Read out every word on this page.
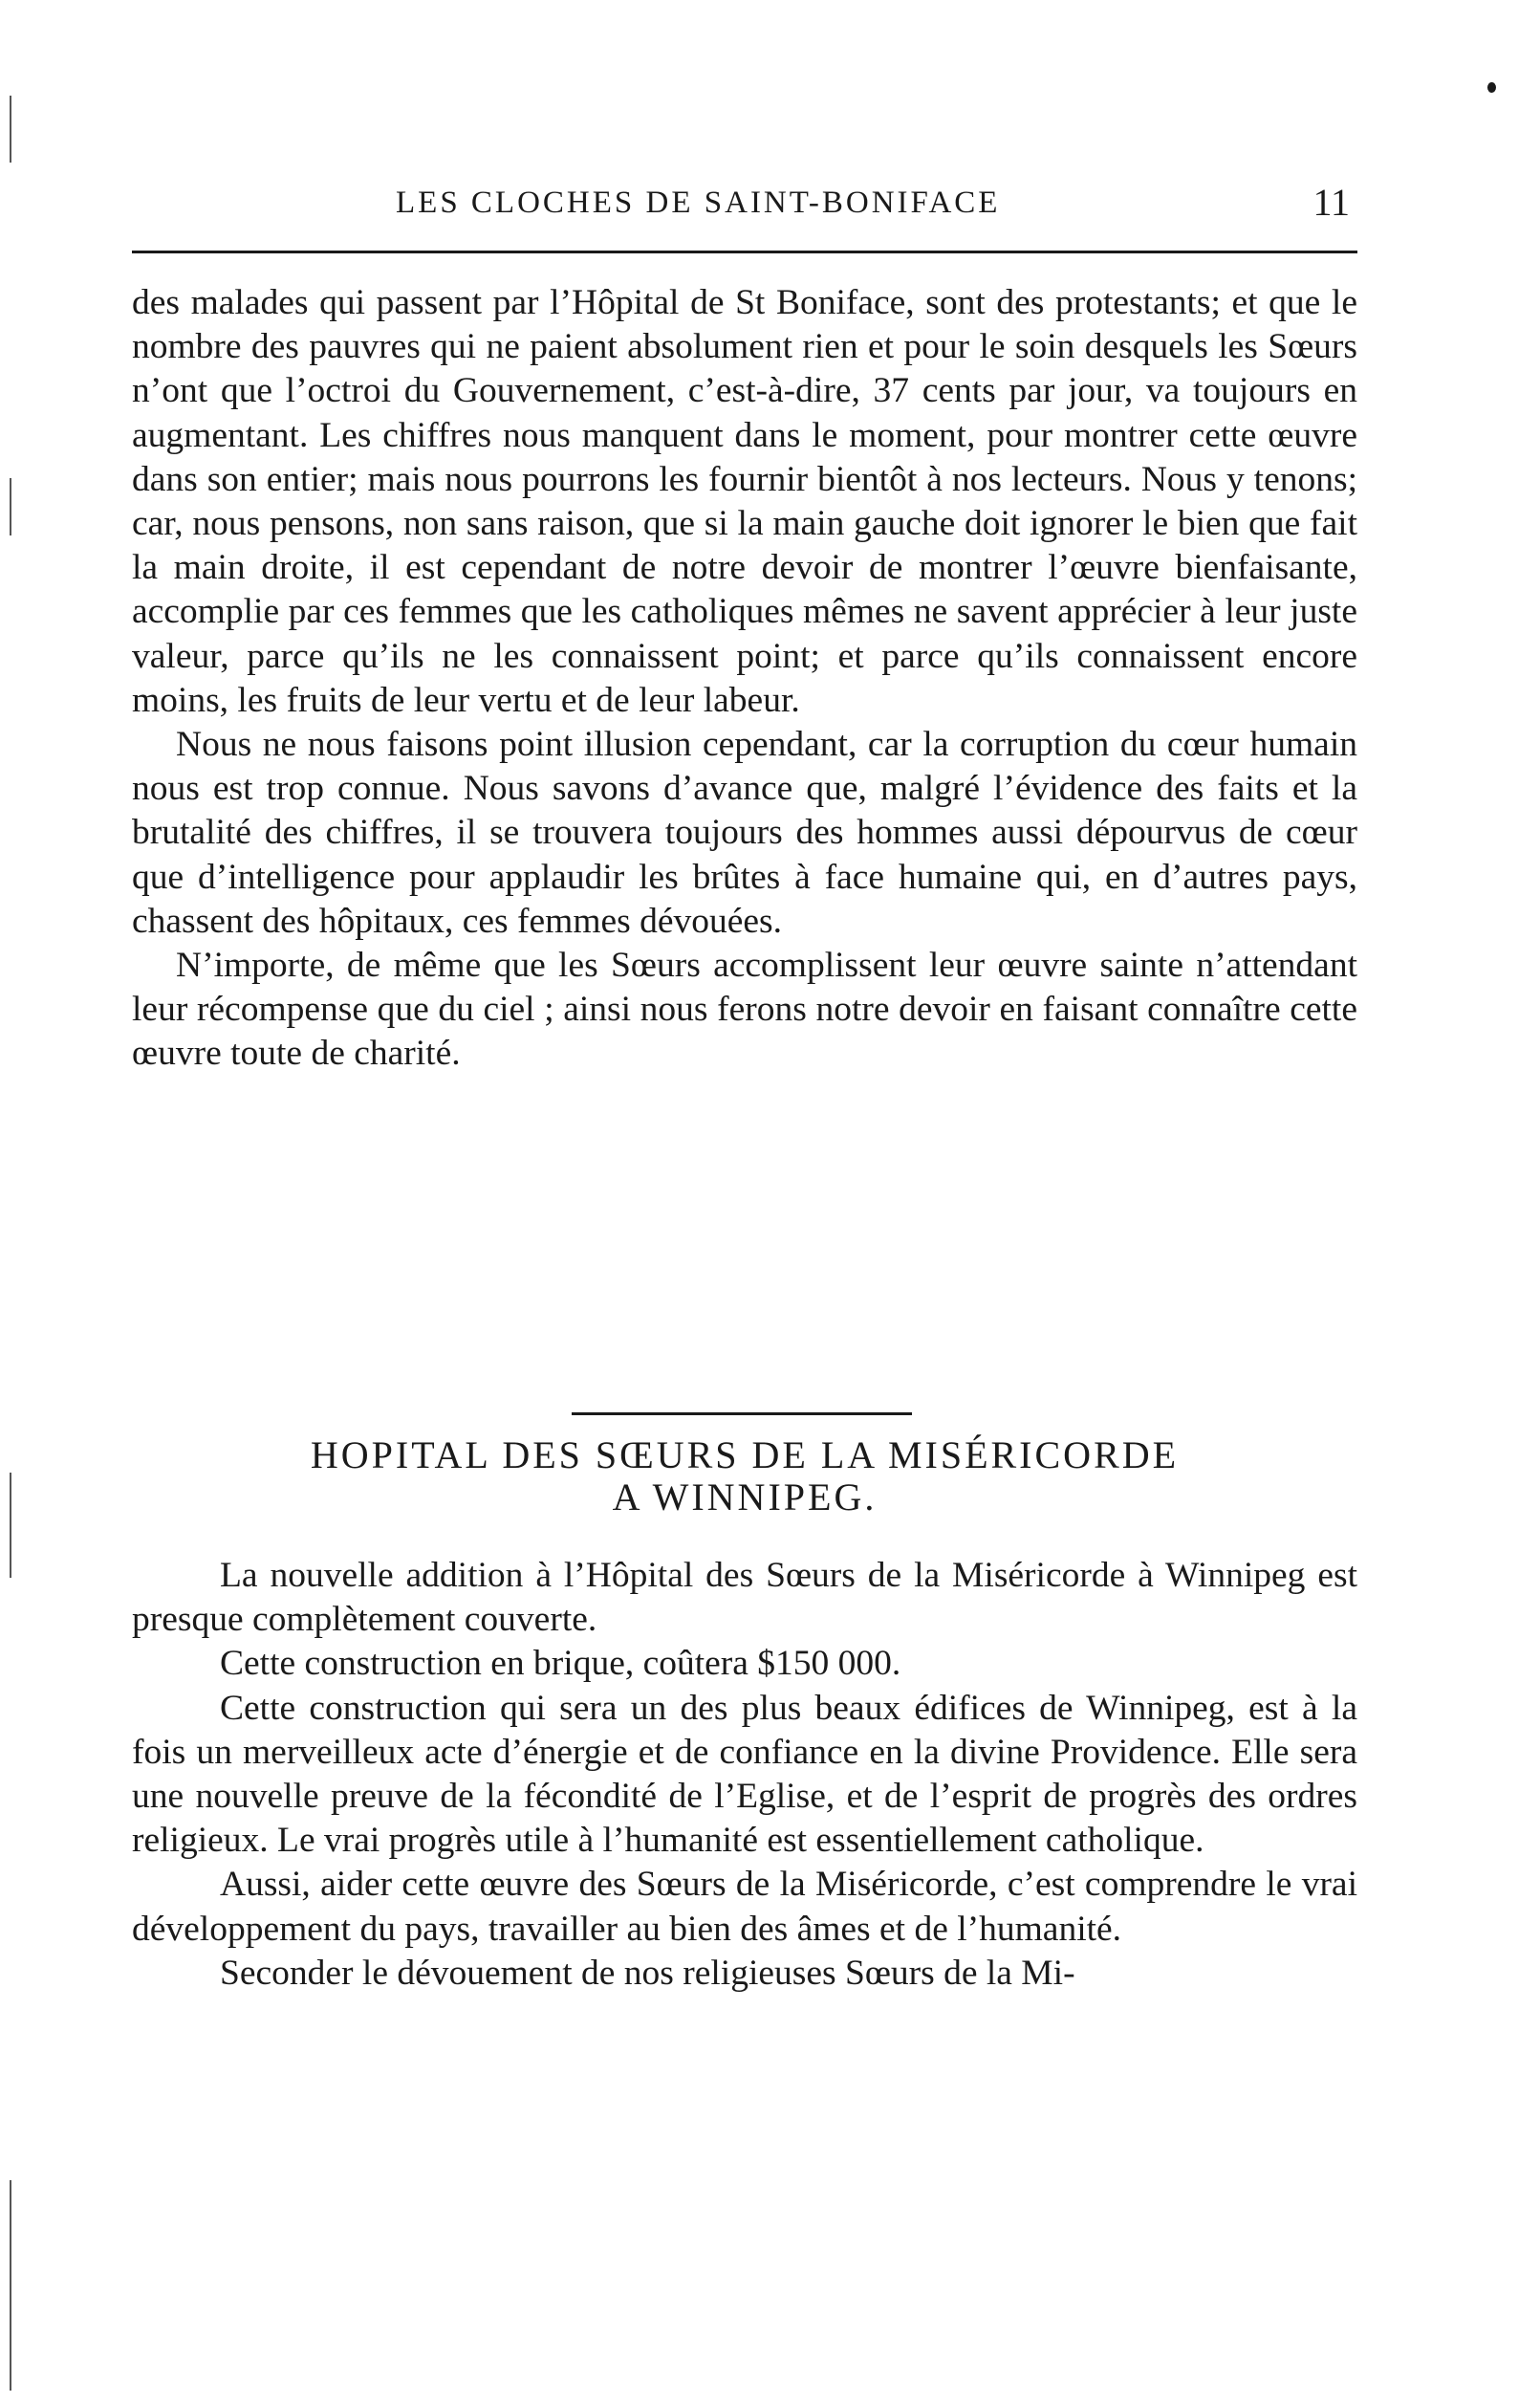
LES CLOCHES DE SAINT-BONIFACE	11

des malades qui passent par l’Hôpital de St Boniface, sont des protestants; et que le nombre des pauvres qui ne paient absolument rien et pour le soin desquels les Sœurs n’ont que l’octroi du Gouvernement, c’est-à-dire, 37 cents par jour, va toujours en augmentant. Les chiffres nous manquent dans le moment, pour montrer cette œuvre dans son entier; mais nous pourrons les fournir bientôt à nos lecteurs. Nous y tenons; car, nous pensons, non sans raison, que si la main gauche doit ignorer le bien que fait la main droite, il est cependant de notre devoir de montrer l’œuvre bienfaisante, accomplie par ces femmes que les catholiques mêmes ne savent apprécier à leur juste valeur, parce qu’ils ne les connaissent point; et parce qu’ils connaissent encore moins, les fruits de leur vertu et de leur labeur.

Nous ne nous faisons point illusion cependant, car la corruption du cœur humain nous est trop connue. Nous savons d’avance que, malgré l’évidence des faits et la brutalité des chiffres, il se trouvera toujours des hommes aussi dépourvus de cœur que d’intelligence pour applaudir les brûtes à face humaine qui, en d’autres pays, chassent des hôpitaux, ces femmes dévouées.

N’importe, de même que les Sœurs accomplissent leur œuvre sainte n’attendant leur récompense que du ciel ; ainsi nous ferons notre devoir en faisant connaître cette œuvre toute de charité.

HOPITAL DES SŒURS DE LA MISÉRICORDE
A WINNIPEG.

La nouvelle addition à l’Hôpital des Sœurs de la Miséricorde à Winnipeg est presque complètement couverte.

Cette construction en brique, coûtera $150 000.

Cette construction qui sera un des plus beaux édifices de Winnipeg, est à la fois un merveilleux acte d’énergie et de confiance en la divine Providence. Elle sera une nouvelle preuve de la fécondité de l’Eglise, et de l’esprit de progrès des ordres religieux. Le vrai progrès utile à l’humanité est essentiellement catholique.

Aussi, aider cette œuvre des Sœurs de la Miséricorde, c’est comprendre le vrai développement du pays, travailler au bien des âmes et de l’humanité.

Seconder le dévouement de nos religieuses Sœurs de la Mi-
